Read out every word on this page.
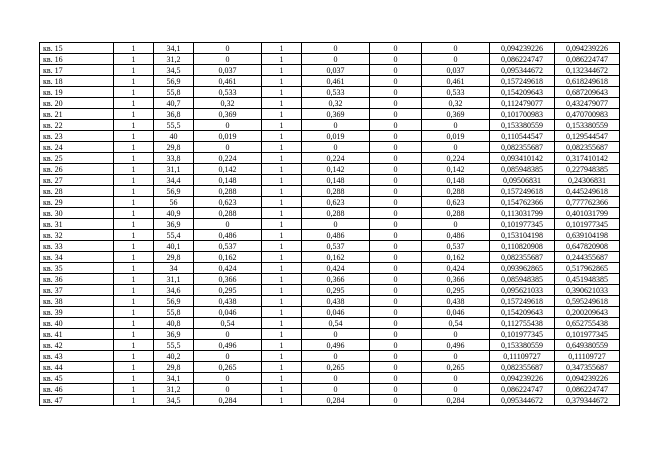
кв. 15	1	34,1	0	1	0	0	0	0,094239226	0,094239226
кв. 16	1	31,2	0	1	0	0	0	0,086224747	0,086224747
кв. 17	1	34,5	0,037	1	0,037	0	0,037	0,095344672	0,132344672
кв. 18	1	56,9	0,461	1	0,461	0	0,461	0,157249618	0,618249618
кв. 19	1	55,8	0,533	1	0,533	0	0,533	0,154209643	0,687209643
кв. 20	1	40,7	0,32	1	0,32	0	0,32	0,112479077	0,432479077
кв. 21	1	36,8	0,369	1	0,369	0	0,369	0,101700983	0,470700983
кв. 22	1	55,5	0	1	0	0	0	0,153380559	0,153380559
кв. 23	1	40	0,019	1	0,019	0	0,019	0,110544547	0,129544547
кв. 24	1	29,8	0	1	0	0	0	0,082355687	0,082355687
кв. 25	1	33,8	0,224	1	0,224	0	0,224	0,093410142	0,317410142
кв. 26	1	31,1	0,142	1	0,142	0	0,142	0,085948385	0,227948385
кв. 27	1	34,4	0,148	1	0,148	0	0,148	0,09506831	0,24306831
кв. 28	1	56,9	0,288	1	0,288	0	0,288	0,157249618	0,445249618
кв. 29	1	56	0,623	1	0,623	0	0,623	0,154762366	0,777762366
кв. 30	1	40,9	0,288	1	0,288	0	0,288	0,113031799	0,401031799
кв. 31	1	36,9	0	1	0	0	0	0,101977345	0,101977345
кв. 32	1	55,4	0,486	1	0,486	0	0,486	0,153104198	0,639104198
кв. 33	1	40,1	0,537	1	0,537	0	0,537	0,110820908	0,647820908
кв. 34	1	29,8	0,162	1	0,162	0	0,162	0,082355687	0,244355687
кв. 35	1	34	0,424	1	0,424	0	0,424	0,093962865	0,517962865
кв. 36	1	31,1	0,366	1	0,366	0	0,366	0,085948385	0,451948385
кв. 37	1	34,6	0,295	1	0,295	0	0,295	0,095621033	0,390621033
кв. 38	1	56,9	0,438	1	0,438	0	0,438	0,157249618	0,595249618
кв. 39	1	55,8	0,046	1	0,046	0	0,046	0,154209643	0,200209643
кв. 40	1	40,8	0,54	1	0,54	0	0,54	0,112755438	0,652755438
кв. 41	1	36,9	0	1	0	0	0	0,101977345	0,101977345
кв. 42	1	55,5	0,496	1	0,496	0	0,496	0,153380559	0,649380559
кв. 43	1	40,2	0	1	0	0	0	0,11109727	0,11109727
кв. 44	1	29,8	0,265	1	0,265	0	0,265	0,082355687	0,347355687
кв. 45	1	34,1	0	1	0	0	0	0,094239226	0,094239226
кв. 46	1	31,2	0	1	0	0	0	0,086224747	0,086224747
кв. 47	1	34,5	0,284	1	0,284	0	0,284	0,095344672	0,379344672
